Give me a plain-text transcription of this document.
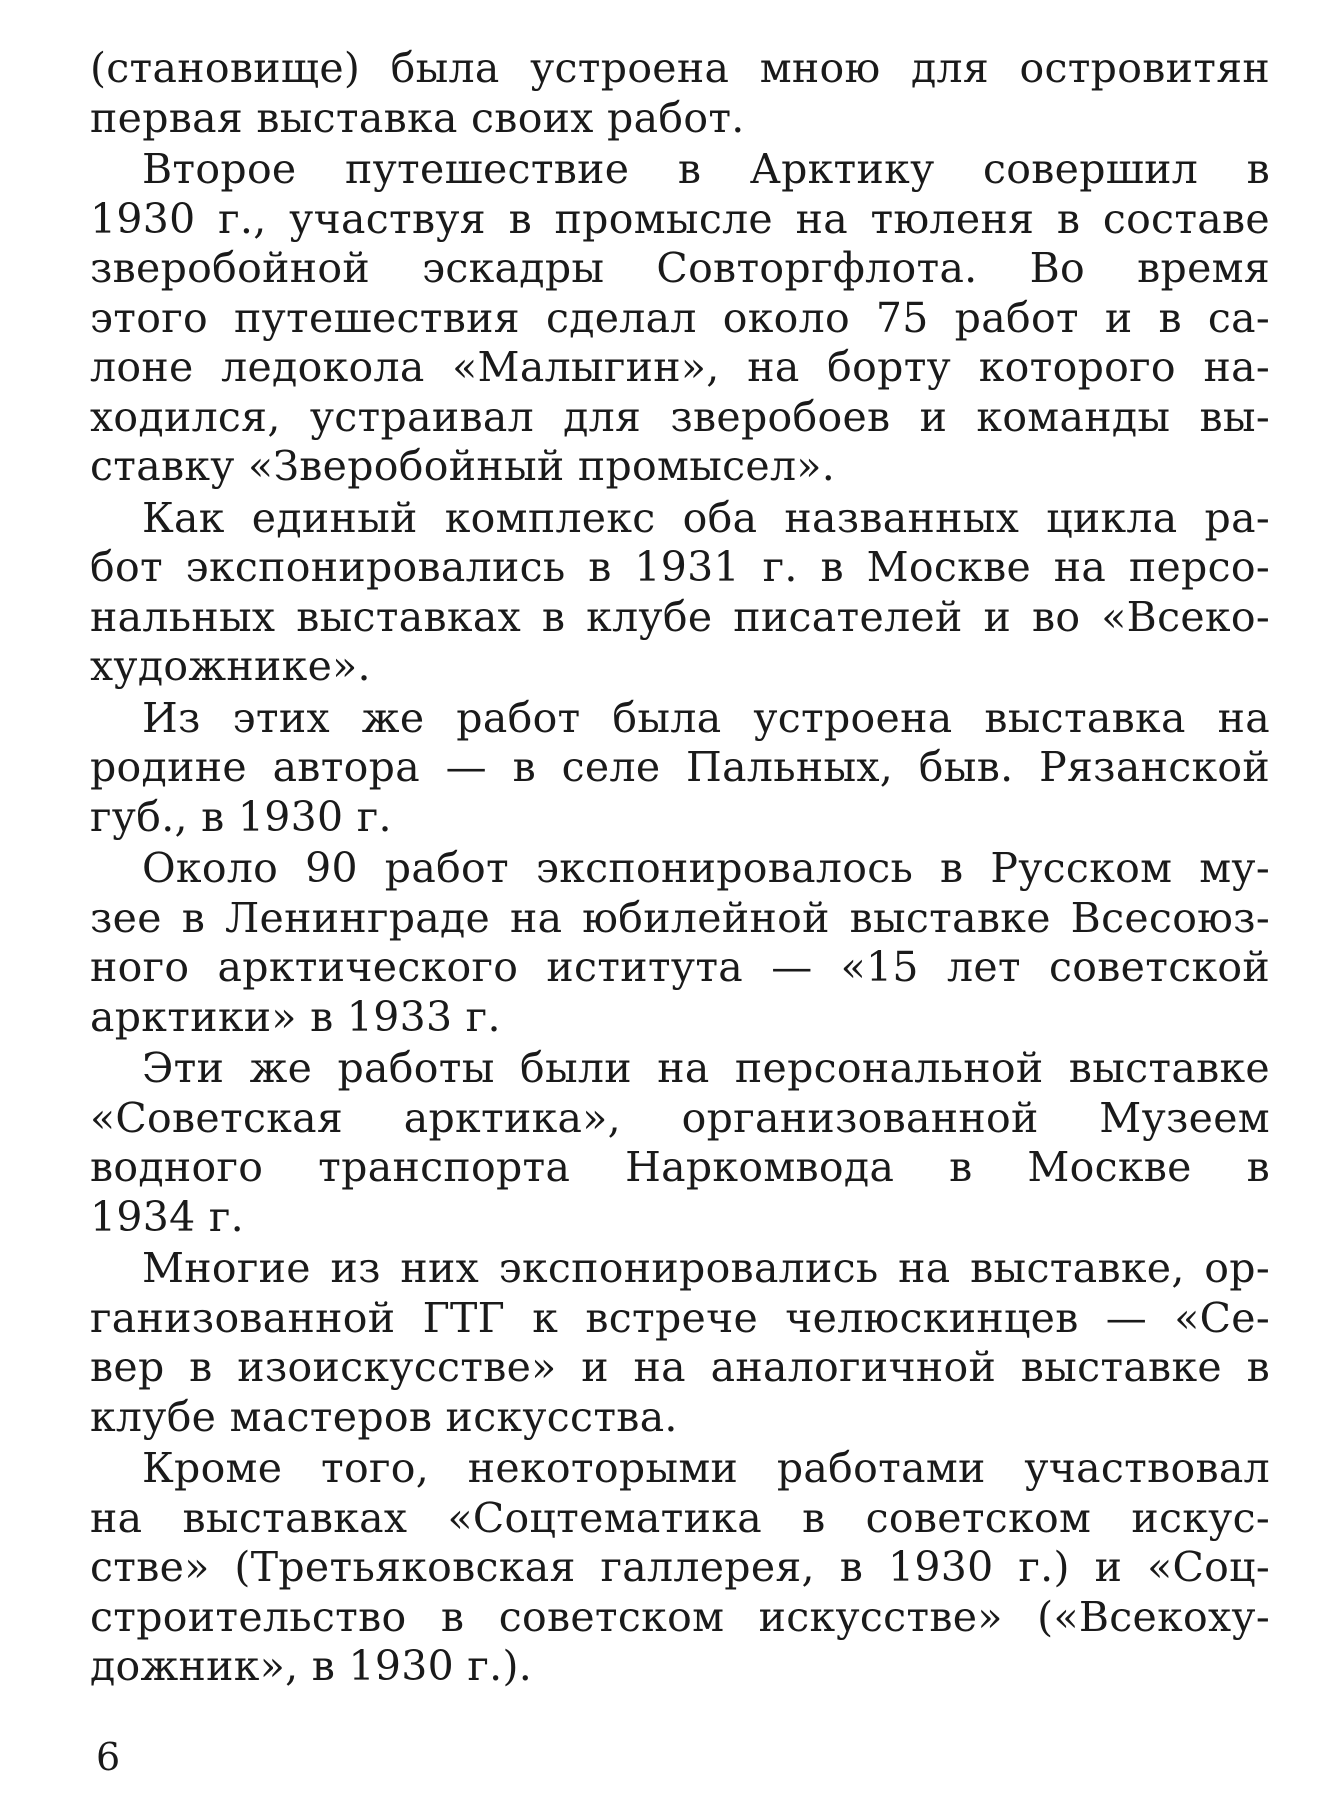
(становище) была устроена мною для островитян
первая выставка своих работ.
Второе путешествие в Арктику совершил в
1930 г., участвуя в промысле на тюленя в составе
зверобойной эскадры Совторгфлота. Во время
этого путешествия сделал около 75 работ и в са-
лоне ледокола «Малыгин», на борту которого на-
ходился, устраивал для зверобоев и команды вы-
ставку «Зверобойный промысел».
Как единый комплекс оба названных цикла ра-
бот экспонировались в 1931 г. в Москве на персо-
нальных выставках в клубе писателей и во «Всеко-
художнике».
Из этих же работ была устроена выставка на
родине автора — в селе Пальных, быв. Рязанской
губ., в 1930 г.
Около 90 работ экспонировалось в Русском му-
зее в Ленинграде на юбилейной выставке Всесоюз-
ного арктического иститута — «15 лет советской
арктики» в 1933 г.
Эти же работы были на персональной выставке
«Советская арктика», организованной Музеем
водного транспорта Наркомвода в Москве в
1934 г.
Многие из них экспонировались на выставке, ор-
ганизованной ГТГ к встрече челюскинцев — «Се-
вер в изоискусстве» и на аналогичной выставке в
клубе мастеров искусства.
Кроме того, некоторыми работами участвовал
на выставках «Соцтематика в советском искус-
стве» (Третьяковская галлерея, в 1930 г.) и «Соц-
строительство в советском искусстве» («Всекоху-
дожник», в 1930 г.).
6
